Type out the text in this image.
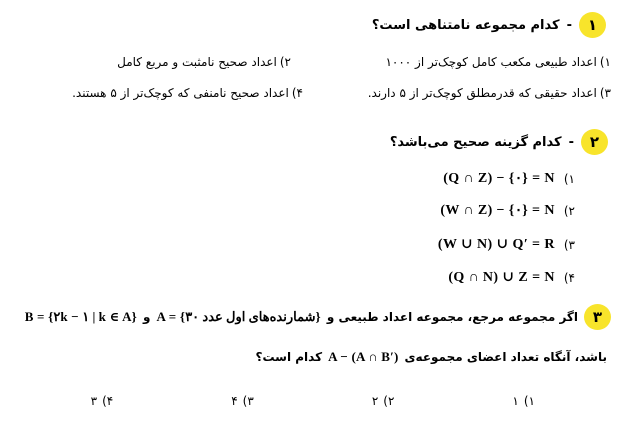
۱
-
کدام مجموعه نامتناهی است؟
۱)اعداد طبیعی مکعب کامل کوچک‌تر از ۱۰۰۰
۲)اعداد صحیح نامثبت و مربع کامل
۳)اعداد حقیقی که قدرمطلق کوچک‌تر از ۵ دارند.
۴)اعداد صحیح نامنفی که کوچک‌تر از ۵ هستند.
۲
-
کدام گزینه صحیح می‌باشد؟
۱)
(Q ∩ Z) − {۰} = N
۲)
(W ∩ Z) − {۰} = N
۳)
(W ∪ N) ∪ Q′ = R
۴)
(Q ∩ N) ∪ Z = N
۳
اگر مجموعه مرجع، مجموعه اعداد طبیعی و
A = {شمارنده‌های اول عدد ۳۰}
و
B = {۲k − ۱ | k ∈ A}
باشد، آنگاه تعداد اعضای مجموعه‌ی
A − (A ∩ B′)
کدام است؟
۱)۱
۲)۲
۳)۴
۴)۳
